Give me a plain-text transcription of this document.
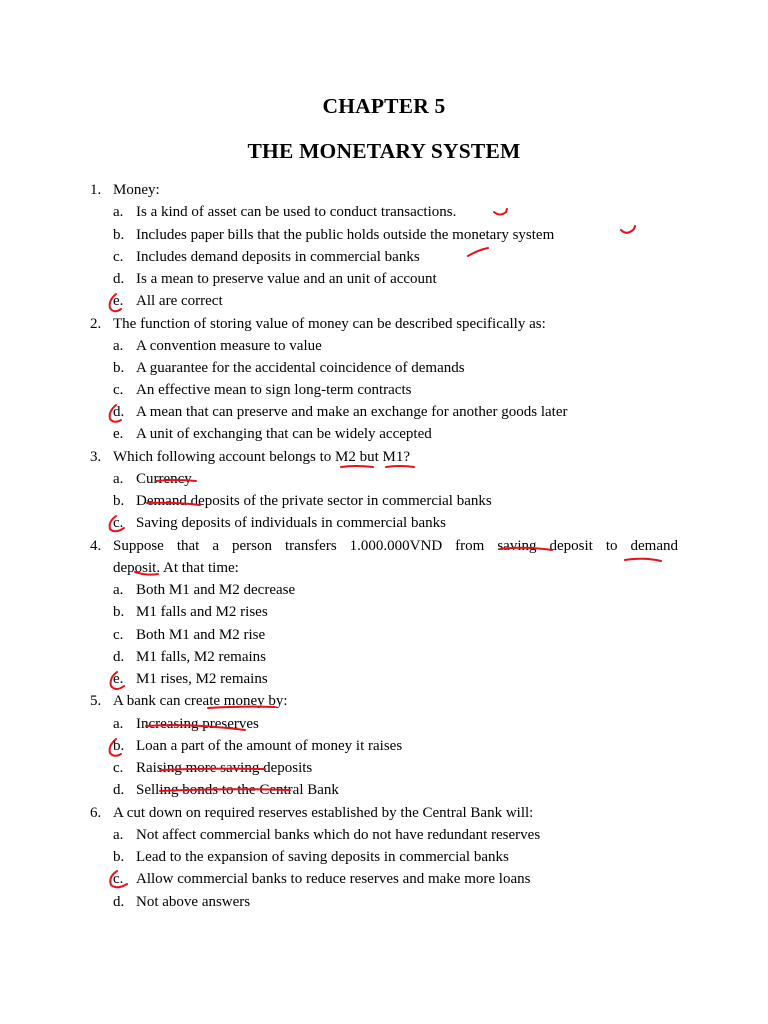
CHAPTER 5
THE MONETARY SYSTEM
1. Money:
a. Is a kind of asset can be used to conduct transactions.
b. Includes paper bills that the public holds outside the monetary system
c. Includes demand deposits in commercial banks
d. Is a mean to preserve value and an unit of account
e. All are correct
2. The function of storing value of money can be described specifically as:
a. A convention measure to value
b. A guarantee for the accidental coincidence of demands
c. An effective mean to sign long-term contracts
d. A mean that can preserve and make an exchange for another goods later
e. A unit of exchanging that can be widely accepted
3. Which following account belongs to M2 but M1?
a. Currency
b. Demand deposits of the private sector in commercial banks
c. Saving deposits of individuals in commercial banks
4. Suppose that a person transfers 1.000.000VND from saving deposit to demand
deposit. At that time:
a. Both M1 and M2 decrease
b. M1 falls and M2 rises
c. Both M1 and M2 rise
d. M1 falls, M2 remains
e. M1 rises, M2 remains
5. A bank can create money by:
a. Increasing preserves
b. Loan a part of the amount of money it raises
c. Raising more saving deposits
d. Selling bonds to the Central Bank
6. A cut down on required reserves established by the Central Bank will:
a. Not affect commercial banks which do not have redundant reserves
b. Lead to the expansion of saving deposits in commercial banks
c. Allow commercial banks to reduce reserves and make more loans
d. Not above answers
